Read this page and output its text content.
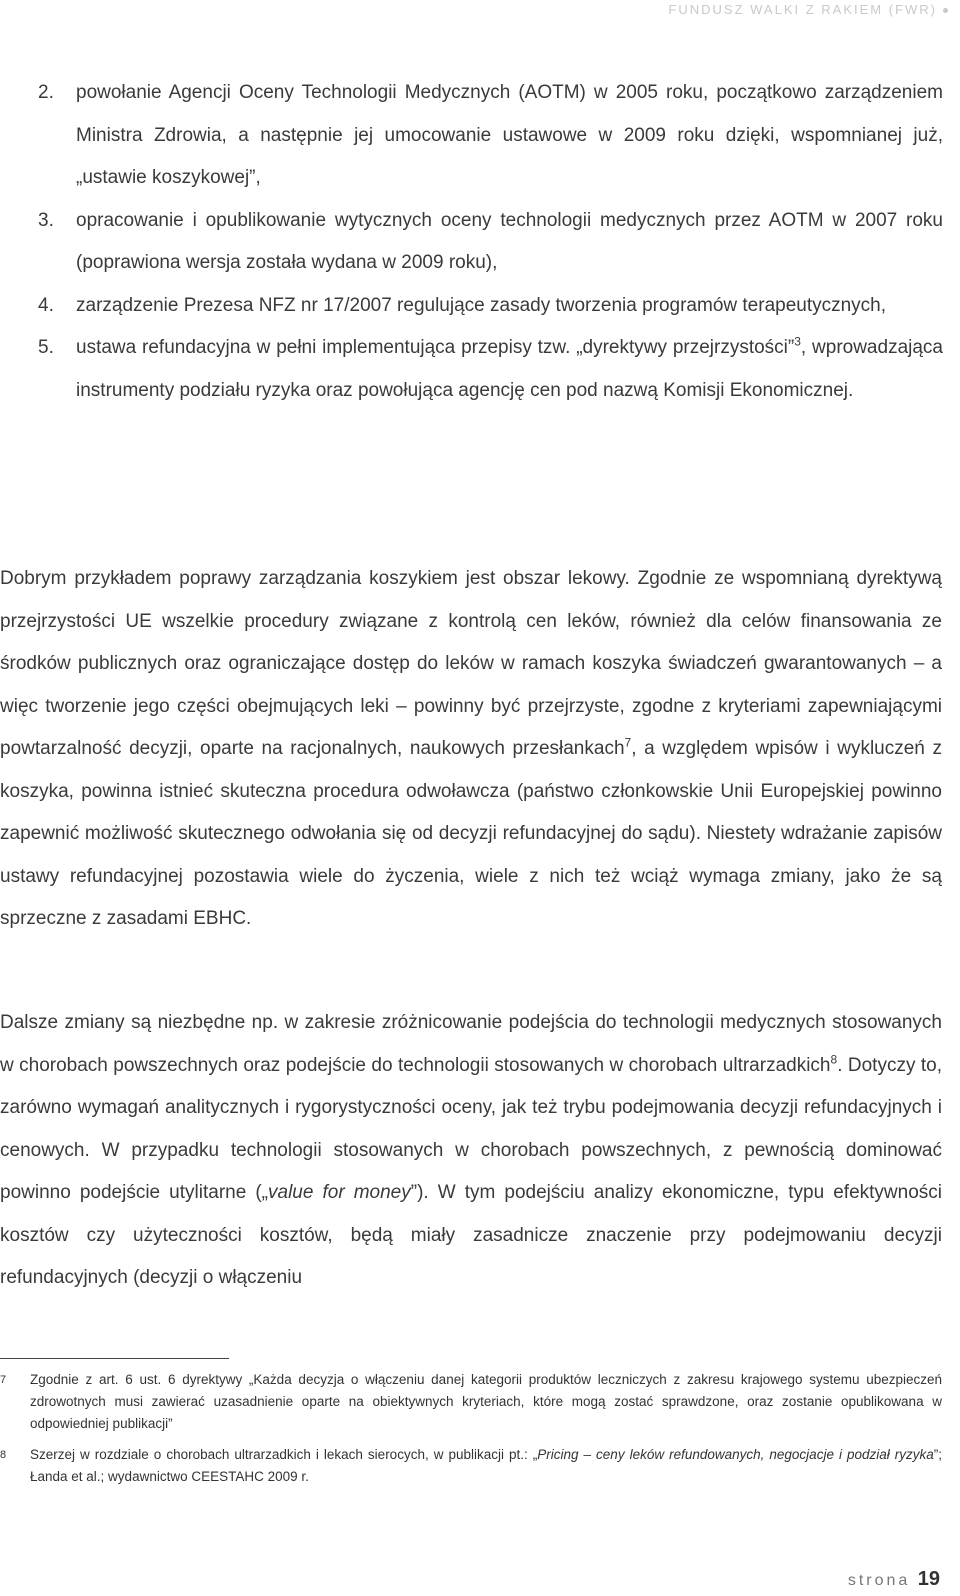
FUNDUSZ WALKI Z RAKIEM (FWR)
2. powołanie Agencji Oceny Technologii Medycznych (AOTM) w 2005 roku, początkowo zarządzeniem Ministra Zdrowia, a następnie jej umocowanie ustawowe w 2009 roku dzięki, wspomnianej już, „ustawie koszykowej”,
3. opracowanie i opublikowanie wytycznych oceny technologii medycznych przez AOTM w 2007 roku (poprawiona wersja została wydana w 2009 roku),
4. zarządzenie Prezesa NFZ nr 17/2007 regulujące zasady tworzenia programów terapeutycznych,
5. ustawa refundacyjna w pełni implementująca przepisy tzw. „dyrektywy przejrzystości”$^3$, wprowadzająca instrumenty podziału ryzyka oraz powołująca agencję cen pod nazwą Komisji Ekonomicznej.
Dobrym przykładem poprawy zarządzania koszykiem jest obszar lekowy. Zgodnie ze wspomnianą dyrektywą przejrzystości UE wszelkie procedury związane z kontrolą cen leków, również dla celów finansowania ze środków publicznych oraz ograniczające dostęp do leków w ramach koszyka świadczeń gwarantowanych – a więc tworzenie jego części obejmujących leki – powinny być przejrzyste, zgodne z kryteriami zapewniającymi powtarzalność decyzji, oparte na racjonalnych, naukowych przesłankach$^7$, a względem wpisów i wykluczeń z koszyka, powinna istnieć skuteczna procedura odwoławcza (państwo członkowskie Unii Europejskiej powinno zapewnić możliwość skutecznego odwołania się od decyzji refundacyjnej do sądu). Niestety wdrażanie zapisów ustawy refundacyjnej pozostawia wiele do życzenia, wiele z nich też wciąż wymaga zmiany, jako że są sprzeczne z zasadami EBHC.
Dalsze zmiany są niezbędne np. w zakresie zróżnicowanie podejścia do technologii medycznych stosowanych w chorobach powszechnych oraz podejście do technologii stosowanych w chorobach ultrarzadkich$^8$. Dotyczy to, zarówno wymagań analitycznych i rygorystyczności oceny, jak też trybu podejmowania decyzji refundacyjnych i cenowych. W przypadku technologii stosowanych w chorobach powszechnych, z pewnością dominować powinno podejście utylitarne („value for money”). W tym podejściu analizy ekonomiczne, typu efektywności kosztów czy użyteczności kosztów, będą miały zasadnicze znaczenie przy podejmowaniu decyzji refundacyjnych (decyzji o włączeniu
7 Zgodnie z art. 6 ust. 6 dyrektywy „Każda decyzja o włączeniu danej kategorii produktów leczniczych z zakresu krajowego systemu ubezpieczeń zdrowotnych musi zawierać uzasadnienie oparte na obiektywnych kryteriach, które mogą zostać sprawdzone, oraz zostanie opublikowana w odpowiedniej publikacji”
8 Szerzej w rozdziale o chorobach ultrarzadkich i lekach sierocych, w publikacji pt.: „Pricing – ceny leków refundowanych, negocjacje i podział ryzyka”; Łanda et al.; wydawnictwo CEESTAHC 2009 r.
strona 19
